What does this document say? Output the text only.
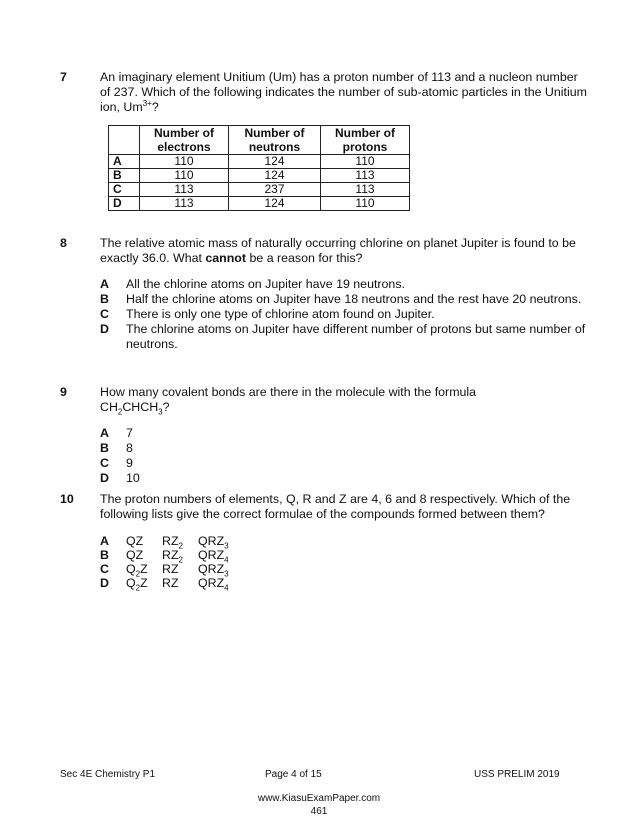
7	An imaginary element Unitium (Um) has a proton number of 113 and a nucleon number of 237. Which of the following indicates the number of sub-atomic particles in the Unitium ion, $Um^{3+}$?

	Number of electrons	Number of neutrons	Number of protons
A	110	124	110
B	110	124	113
C	113	237	113
D	113	124	110
8	The relative atomic mass of naturally occurring chlorine on planet Jupiter is found to be exactly 36.0. What cannot be a reason for this?

A	All the chlorine atoms on Jupiter have 19 neutrons.
B	Half the chlorine atoms on Jupiter have 18 neutrons and the rest have 20 neutrons.
C	There is only one type of chlorine atom found on Jupiter.
D	The chlorine atoms on Jupiter have different number of protons but same number of neutrons.
9	How many covalent bonds are there in the molecule with the formula
$CH_2CHCH_3$?

A	7
B	8
C	9
D	10
10	The proton numbers of elements, Q, R and Z are 4, 6 and 8 respectively. Which of the following lists give the correct formulae of the compounds formed between them?

A	QZ	$RZ_2$	$QRZ_3$
B	QZ	$RZ_2$	$QRZ_4$
C	$Q_2Z$	RZ	$QRZ_3$
D	$Q_2Z$	RZ	$QRZ_4$
Sec 4E Chemistry P1	Page 4 of 15	USS PRELIM 2019
www.KiasuExamPaper.com
461
